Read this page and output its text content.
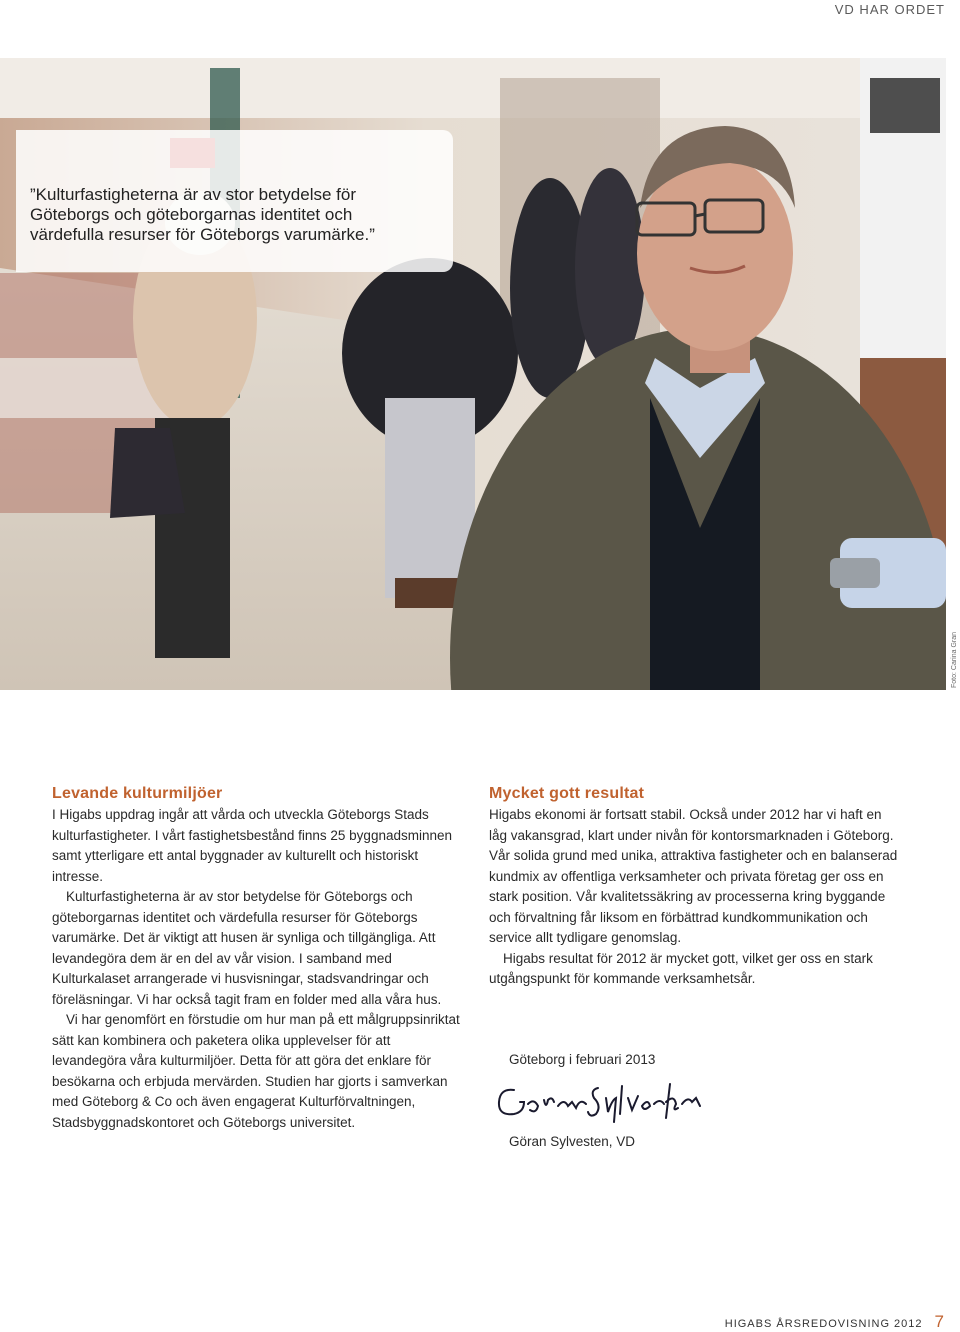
VD HAR ORDET
”Kulturfastigheterna är av stor betydelse för Göteborgs och göteborgarnas identitet och värdefulla resurser för Göteborgs varumärke.”
Foto: Carina Gran
Levande kulturmiljöer

I Higabs uppdrag ingår att vårda och utveckla Göteborgs Stads kulturfastigheter. I vårt fastighetsbestånd finns 25 byggnadsminnen samt ytterligare ett antal byggnader av kulturellt och historiskt intresse.

Kulturfastigheterna är av stor betydelse för Göteborgs och göteborgarnas identitet och värdefulla resurser för Göteborgs varumärke. Det är viktigt att husen är synliga och tillgängliga. Att levandegöra dem är en del av vår vision. I samband med Kulturkalaset arrangerade vi husvisningar, stadsvandringar och föreläsningar. Vi har också tagit fram en folder med alla våra hus.

Vi har genomfört en förstudie om hur man på ett målgruppsinriktat sätt kan kombinera och paketera olika upplevelser för att levandegöra våra kulturmiljöer. Detta för att göra det enklare för besökarna och erbjuda mervärden. Studien har gjorts i samverkan med Göteborg & Co och även engagerat Kulturförvaltningen, Stadsbyggnadskontoret och Göteborgs universitet.

Mycket gott resultat

Higabs ekonomi är fortsatt stabil. Också under 2012 har vi haft en låg vakansgrad, klart under nivån för kontorsmarknaden i Göteborg. Vår solida grund med unika, attraktiva fastigheter och en balanserad kundmix av offentliga verksamheter och privata företag ger oss en stark position. Vår kvalitetssäkring av processerna kring byggande och förvaltning får liksom en förbättrad kundkommunikation och service allt tydligare genomslag.

Higabs resultat för 2012 är mycket gott, vilket ger oss en stark utgångspunkt för kommande verksamhetsår.

Göteborg i februari 2013
Göran Sylvesten, VD
HIGABS ÅRSREDOVISNING 2012 7
